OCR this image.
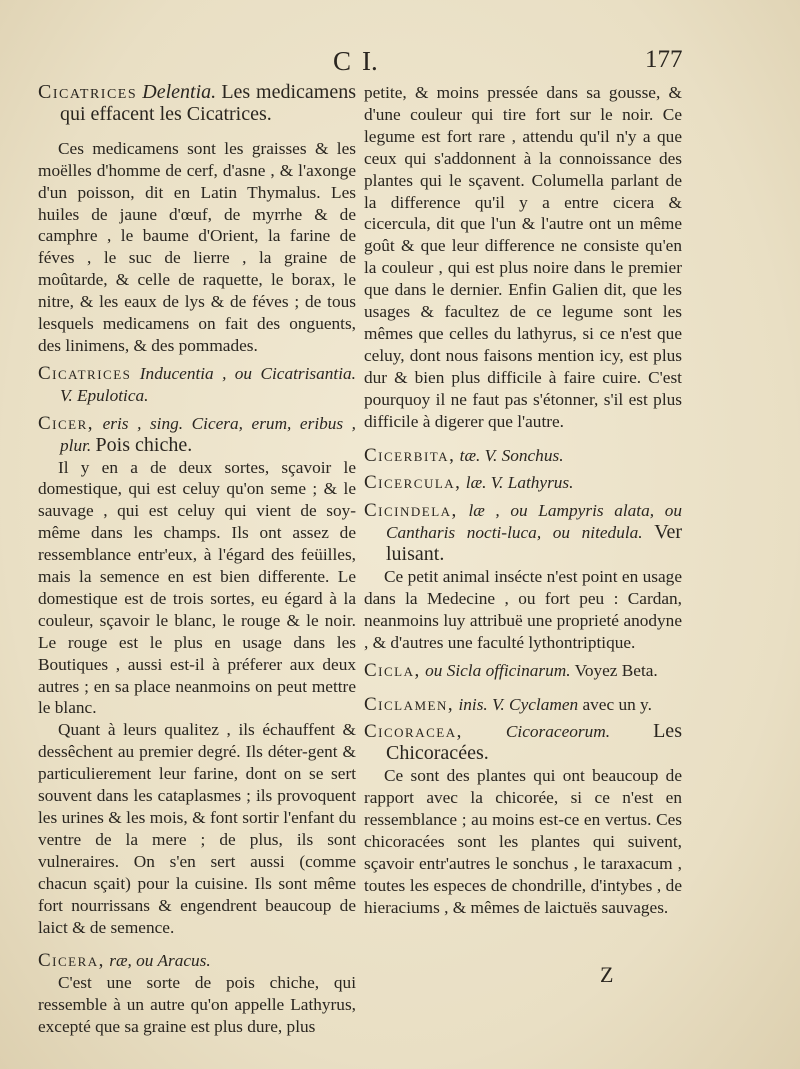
C I.	177

Cicatrices Delentia. Les medicamens qui effacent les Cicatrices.

Ces medicamens sont les graisses & les moëlles d'homme de cerf, d'asne , & l'axonge d'un poisson, dit en Latin Thymalus. Les huiles de jaune d'œuf, de myrrhe & de camphre , le baume d'Orient, la farine de féves , le suc de lierre , la graine de moûtarde, & celle de raquette, le borax, le nitre, & les eaux de lys & de féves ; de tous lesquels medicamens on fait des onguents, des linimens, & des pommades.

Cicatrices Inducentia , ou Cicatrisantia. V. Epulotica.

Cicer, eris , sing. Cicera, erum, eribus , plur. Pois chiche.

Il y en a de deux sortes, sçavoir le domestique, qui est celuy qu'on seme ; & le sauvage , qui est celuy qui vient de soy-même dans les champs. Ils ont assez de ressemblance entr'eux, à l'égard des feüilles, mais la semence en est bien differente. Le domestique est de trois sortes, eu égard à la couleur, sçavoir le blanc, le rouge & le noir. Le rouge est le plus en usage dans les Boutiques , aussi est-il à préferer aux deux autres ; en sa place neanmoins on peut mettre le blanc.

Quant à leurs qualitez , ils échauffent & dessêchent au premier degré. Ils déter-gent & particulierement leur farine, dont on se sert souvent dans les cataplasmes ; ils provoquent les urines & les mois, & font sortir l'enfant du ventre de la mere ; de plus, ils sont vulneraires. On s'en sert aussi (comme chacun sçait) pour la cuisine. Ils sont même fort nourrissans & engendrent beaucoup de laict & de semence.

Cicera, ræ, ou Aracus.

C'est une sorte de pois chiche, qui ressemble à un autre qu'on appelle Lathyrus, excepté que sa graine est plus dure, plus

petite, & moins pressée dans sa gousse, & d'une couleur qui tire fort sur le noir. Ce legume est fort rare , attendu qu'il n'y a que ceux qui s'addonnent à la connoissance des plantes qui le sçavent. Columella parlant de la difference qu'il y a entre cicera & cicercula, dit que l'un & l'autre ont un même goût & que leur difference ne consiste qu'en la couleur , qui est plus noire dans le premier que dans le dernier. Enfin Galien dit, que les usages & facultez de ce legume sont les mêmes que celles du lathyrus, si ce n'est que celuy, dont nous faisons mention icy, est plus dur & bien plus difficile à faire cuire. C'est pourquoy il ne faut pas s'étonner, s'il est plus difficile à digerer que l'autre.

Cicerbita, tæ. V. Sonchus.

Cicercula, læ. V. Lathyrus.

Cicindela, læ , ou Lampyris alata, ou Cantharis nocti-luca, ou nitedula. Ver luisant.

Ce petit animal insécte n'est point en usage dans la Medecine , ou fort peu : Cardan, neanmoins luy attribuë une proprieté anodyne , & d'autres une faculté lythontriptique.

Cicla, ou Sicla officinarum. Voyez Beta.

Ciclamen, inis. V. Cyclamen avec un y.

Cicoracea, Cicoraceorum. Les Chicoracées.

Ce sont des plantes qui ont beaucoup de rapport avec la chicorée, si ce n'est en ressemblance ; au moins est-ce en vertus. Ces chicoracées sont les plantes qui suivent, sçavoir entr'autres le sonchus , le taraxacum , toutes les especes de chondrille, d'intybes , de hieraciums , & mêmes de laictuës sauvages.

Z
